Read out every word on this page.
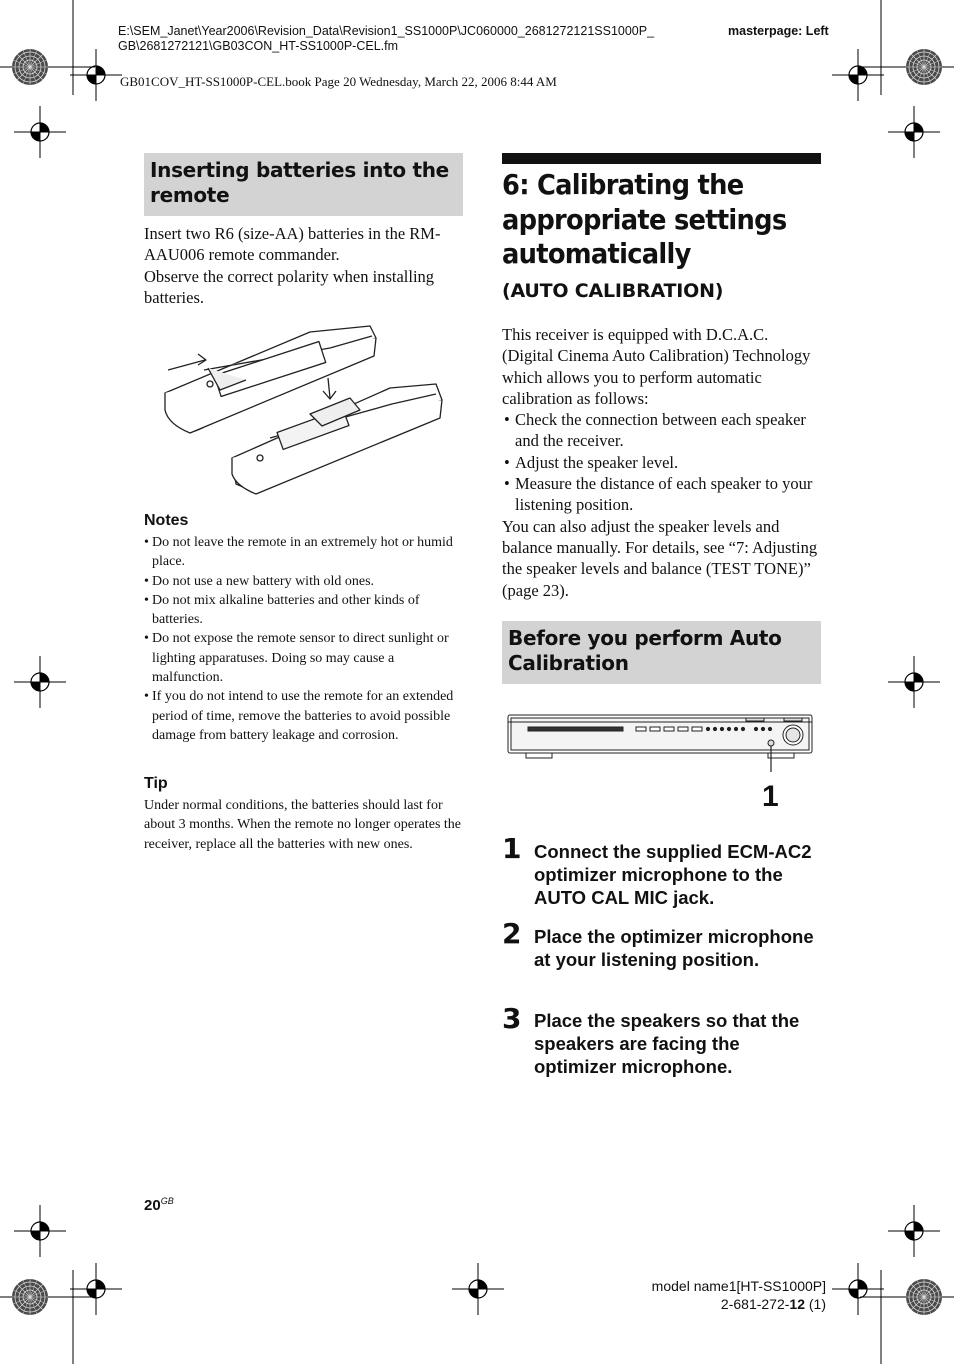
E:\SEM_Janet\Year2006\Revision_Data\Revision1_SS1000P\JC060000_2681272121SS1000P_
GB\2681272121\GB03CON_HT-SS1000P-CEL.fm
masterpage: Left
GB01COV_HT-SS1000P-CEL.book Page 20 Wednesday, March 22, 2006 8:44 AM
Inserting batteries into the remote
Insert two R6 (size-AA) batteries in the RM-AAU006 remote commander.
Observe the correct polarity when installing batteries.
Notes
• Do not leave the remote in an extremely hot or humid place.
• Do not use a new battery with old ones.
• Do not mix alkaline batteries and other kinds of batteries.
• Do not expose the remote sensor to direct sunlight or lighting apparatuses. Doing so may cause a malfunction.
• If you do not intend to use the remote for an extended period of time, remove the batteries to avoid possible damage from battery leakage and corrosion.
Tip
Under normal conditions, the batteries should last for about 3 months. When the remote no longer operates the receiver, replace all the batteries with new ones.
6: Calibrating the appropriate settings automatically
(AUTO CALIBRATION)
This receiver is equipped with D.C.A.C. (Digital Cinema Auto Calibration) Technology which allows you to perform automatic calibration as follows:
• Check the connection between each speaker and the receiver.
• Adjust the speaker level.
• Measure the distance of each speaker to your listening position.
You can also adjust the speaker levels and balance manually. For details, see “7: Adjusting the speaker levels and balance (TEST TONE)” (page 23).
Before you perform Auto Calibration
1
1 Connect the supplied ECM-AC2 optimizer microphone to the AUTO CAL MIC jack.
2 Place the optimizer microphone at your listening position.
3 Place the speakers so that the speakers are facing the optimizer microphone.
$20^{GB}$
model name1[HT-SS1000P]
2-681-272-12 (1)
